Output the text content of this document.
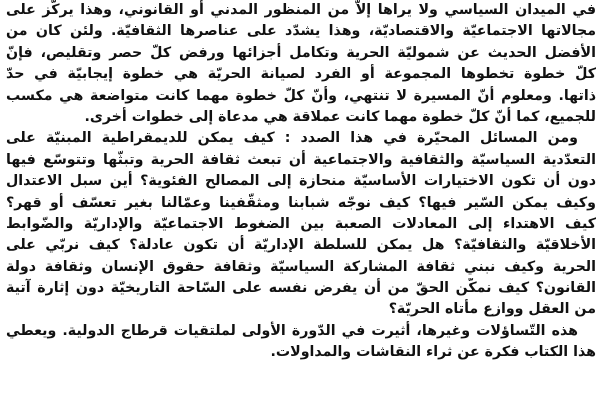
في الميدان السياسي ولا يراها إلاّ من المنظور المدني أو القانوني، وهذا يركّز على
مجالاتها الاجتماعيّة والاقتصاديّة، وهذا يشدّد على عناصرها الثقافيّة. ولئن كان من
الأفضل الحديث عن شموليّة الحرية وتكامل أجزائها ورفض كلّ حصر وتقليص، فإنّ
كلّ خطوة تخطوها المجموعة أو الفرد لصيانة الحريّة هي خطوة إيجابيّة في حدّ
ذاتها. ومعلوم أنّ المسيرة لا تنتهي، وأنّ كلّ خطوة مهما كانت متواضعة هي مكسب
للجميع، كما أنّ كلّ خطوة مهما كانت عملاقة هي مدعاة إلى خطوات أخرى.

ومن المسائل المحيّرة في هذا الصدد : كيف يمكن للديمقراطية المبنيّة على
التعدّدية السياسيّة والثقافية والاجتماعية أن تبعث ثقافة الحرية وتبثّها وتتوسّع فيها
دون أن تكون الاختيارات الأساسيّة منحازة إلى المصالح الفئوية؟ أين سبل الاعتدال
وكيف يمكن السّير فيها؟ كيف نوجّه شبابنا ومثقّفينا وعمّالنا بغير تعسّف أو قهر؟
كيف الاهتداء إلى المعادلات الصعبة بين الضغوط الاجتماعيّة والإداريّة والضّوابط
الأخلاقيّة والثقافيّة؟ هل يمكن للسلطة الإداريّة أن تكون عادلة؟ كيف نربّي على
الحرية وكيف نبني ثقافة المشاركة السياسيّة وثقافة حقوق الإنسان وثقافة دولة
القانون؟ كيف نمكّن الحقّ من أن يفرض نفسه على السّاحة التاريخيّة دون إثارة آتية
من العقل ووازع مأتاه الحريّة؟

هذه التّساؤلات وغيرها، أثيرت في الدّورة الأولى لملتقيات قرطاج الدولية. ويعطي
هذا الكتاب فكرة عن ثراء النقاشات والمداولات.
